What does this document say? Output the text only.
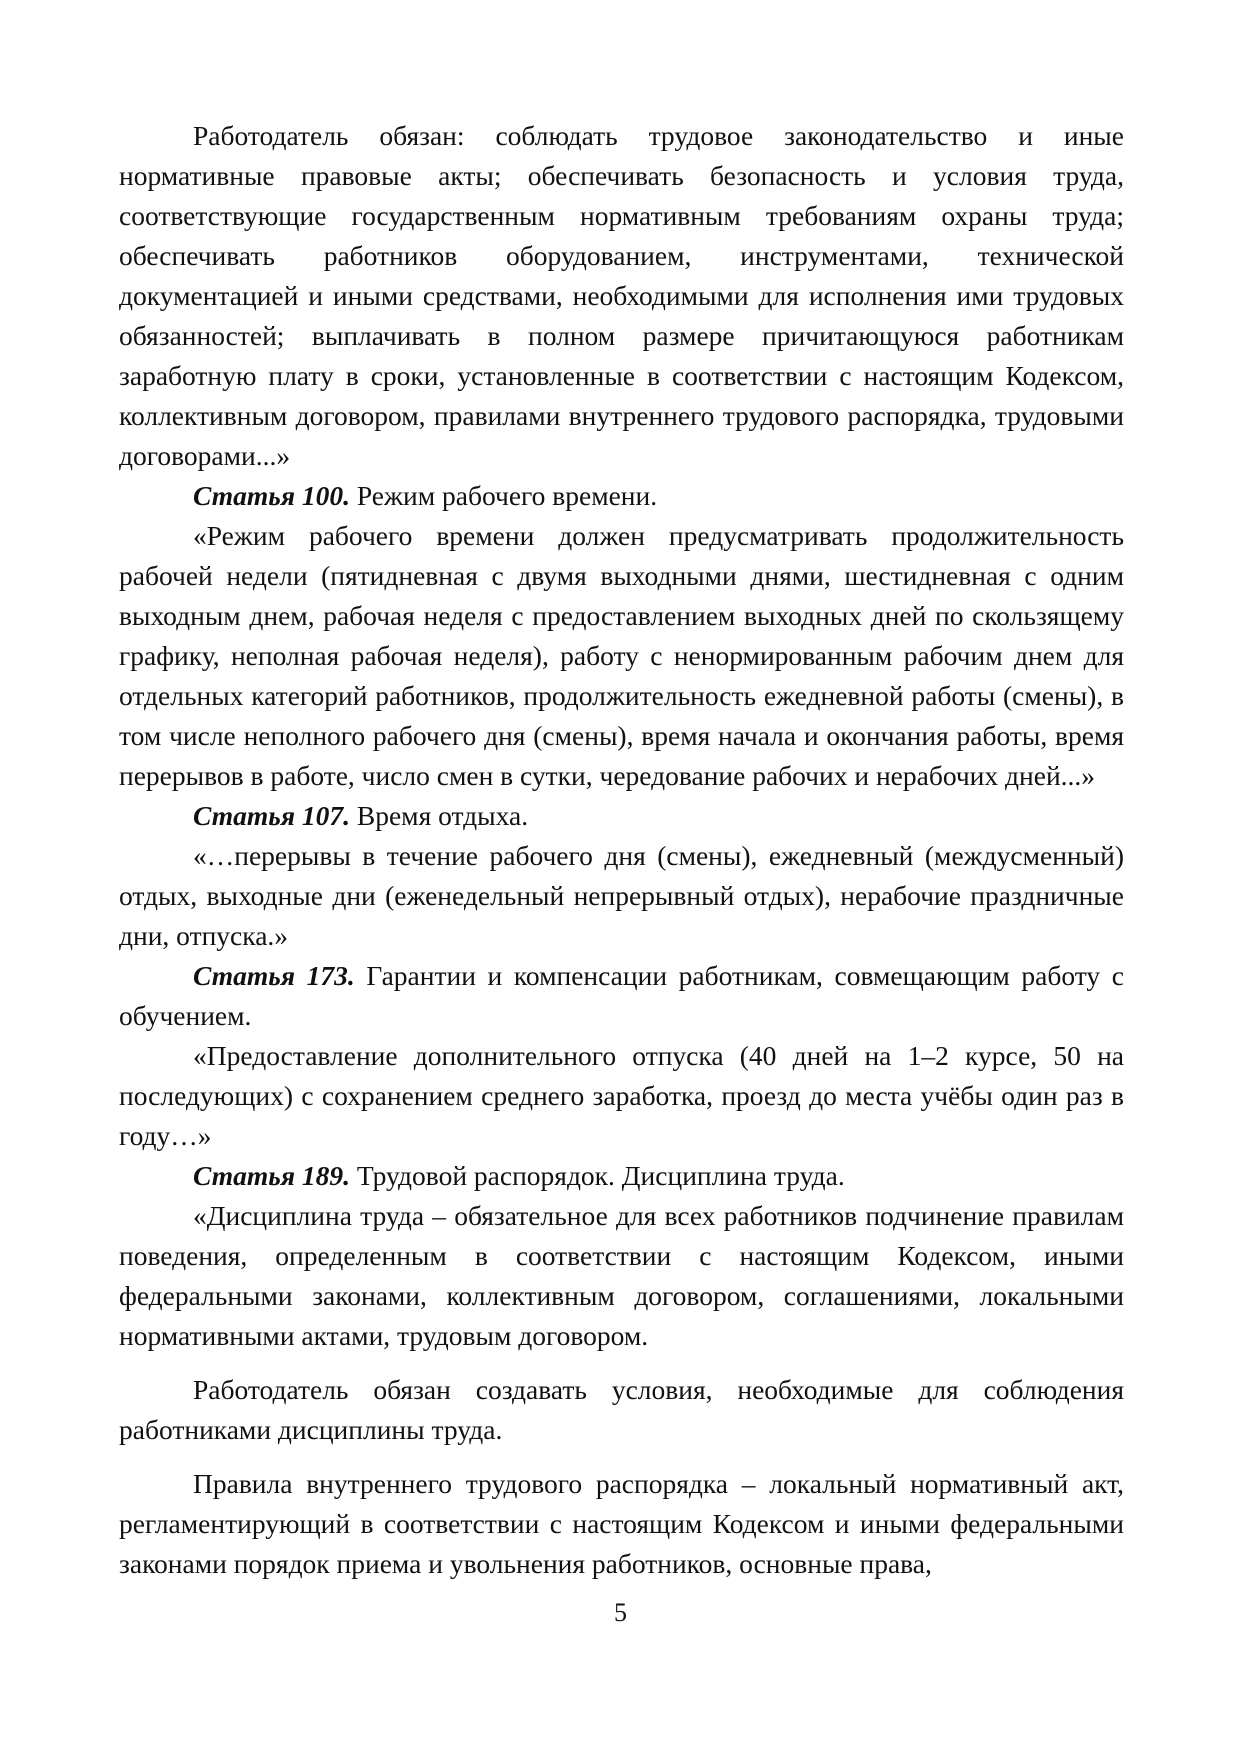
Работодатель обязан: соблюдать трудовое законодательство и иные нормативные правовые акты; обеспечивать безопасность и условия труда, соответствующие государственным нормативным требованиям охраны труда; обеспечивать работников оборудованием, инструментами, технической документацией и иными средствами, необходимыми для исполнения ими трудовых обязанностей; выплачивать в полном размере причитающуюся работникам заработную плату в сроки, установленные в соответствии с настоящим Кодексом, коллективным договором, правилами внутреннего трудового распорядка, трудовыми договорами...»

Статья 100. Режим рабочего времени.

«Режим рабочего времени должен предусматривать продолжительность рабочей недели (пятидневная с двумя выходными днями, шестидневная с одним выходным днем, рабочая неделя с предоставлением выходных дней по скользящему графику, неполная рабочая неделя), работу с ненормированным рабочим днем для отдельных категорий работников, продолжительность ежедневной работы (смены), в том числе неполного рабочего дня (смены), время начала и окончания работы, время перерывов в работе, число смен в сутки, чередование рабочих и нерабочих дней...»

Статья 107. Время отдыха.

«…перерывы в течение рабочего дня (смены), ежедневный (междусменный) отдых, выходные дни (еженедельный непрерывный отдых), нерабочие праздничные дни, отпуска.»

Статья 173. Гарантии и компенсации работникам, совмещающим работу с обучением.

«Предоставление дополнительного отпуска (40 дней на 1–2 курсе, 50 на последующих) с сохранением среднего заработка, проезд до места учёбы один раз в году…»

Статья 189. Трудовой распорядок. Дисциплина труда.

«Дисциплина труда – обязательное для всех работников подчинение правилам поведения, определенным в соответствии с настоящим Кодексом, иными федеральными законами, коллективным договором, соглашениями, локальными нормативными актами, трудовым договором.

Работодатель обязан создавать условия, необходимые для соблюдения работниками дисциплины труда.

Правила внутреннего трудового распорядка – локальный нормативный акт, регламентирующий в соответствии с настоящим Кодексом и иными федеральными законами порядок приема и увольнения работников, основные права,

5
